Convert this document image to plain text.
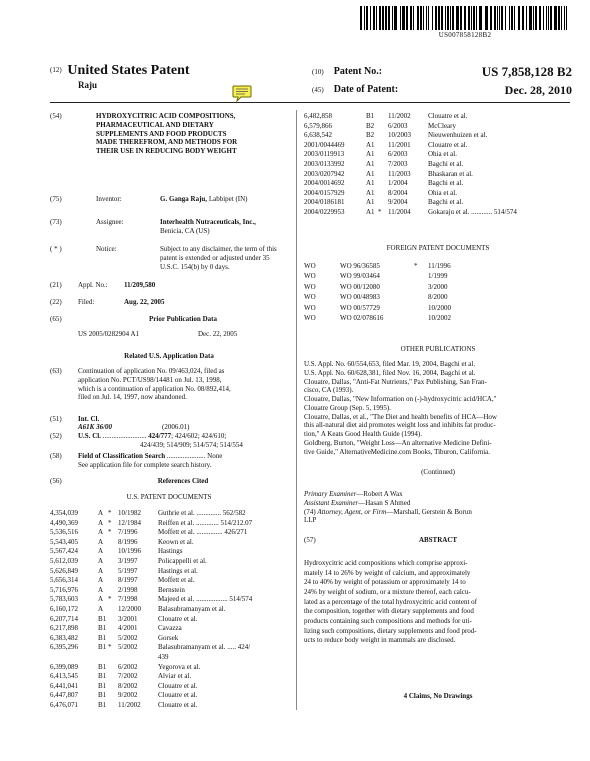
US007858128B2
(12) United States Patent
Raju
(10) Patent No.:	US 7,858,128 B2
(45) Date of Patent:	Dec. 28, 2010
(54)	HYDROXYCITRIC ACID COMPOSITIONS,
PHARMACEUTICAL AND DIETARY
SUPPLEMENTS AND FOOD PRODUCTS
MADE THEREFROM, AND METHODS FOR
THEIR USE IN REDUCING BODY WEIGHT
(75)	Inventor:	G. Ganga Raju, Labbipet (IN)
(73)	Assignee:	Interhealth Nutraceuticals, Inc.,
Benicia, CA (US)
( * )	Notice:	Subject to any disclaimer, the term of this
patent is extended or adjusted under 35
U.S.C. 154(b) by 0 days.
(21)	Appl. No.:	11/209,580
(22)	Filed:	Aug. 22, 2005
(65)	Prior Publication Data
US 2005/0282904 A1	Dec. 22, 2005
Related U.S. Application Data
(63)	Continuation of application No. 09/463,024, filed as
application No. PCT/US98/14481 on Jul. 13, 1998,
which is a continuation of application No. 08/892,414,
filed on Jul. 14, 1997, now abandoned.
(51)	Int. Cl.
A61K 36/00	(2006.01)
(52)	U.S. Cl. ......................... 424/777; 424/602; 424/610;
424/439; 514/909; 514/574; 514/554
(58)	Field of Classification Search ...................... None
See application file for complete search history.
(56)	References Cited
U.S. PATENT DOCUMENTS
4,354,039	A * 10/1982	Guthrie et al. .............. 562/582
4,490,369	A * 12/1984	Reiffen et al. ............. 514/212.07
5,536,516	A * 7/1996	Moffett et al. ............... 426/271
5,543,405	A	8/1996	Keown et al.
5,567,424	A	10/1996	Hastings
5,612,039	A	3/1997	Policappelli et al.
5,626,849	A	5/1997	Hastings et al.
5,656,314	A	8/1997	Moffett et al.
5,716,976	A	2/1998	Bernstein
5,783,603	A * 7/1998	Majeed et al. .................. 514/574
6,160,172	A	12/2000	Balasubramanyam et al.
6,207,714	B1 3/2001	Clouatre et al.
6,217,898	B1 4/2001	Cavazza
6,383,482	B1 5/2002	Gorsek
6,395,296	B1 * 5/2002	Balasubramanyam et al. ..... 424/
439
6,399,089	B1 6/2002	Yegorova et al.
6,413,545	B1 7/2002	Alviar et al.
6,441,041	B1 8/2002	Clouatre et al.
6,447,807	B1 9/2002	Clouatre et al.
6,476,071	B1 11/2002	Clouatre et al.
6,482,858	B1	11/2002	Clouatre et al.
6,579,866	B2	6/2003	McCleary
6,638,542	B2	10/2003	Nieuwenhuizen et al.
2001/0044469	A1	11/2001	Clouatre et al.
2003/0119913	A1	6/2003	Ohia et al.
2003/0133992	A1	7/2003	Bagchi et al.
2003/0207942	A1	11/2003	Bhaskaran et al.
2004/0014692	A1	1/2004	Bagchi et al.
2004/0157929	A1	8/2004	Ohia et al.
2004/0186181	A1	9/2004	Bagchi et al.
2004/0229953	A1 * 11/2004	Gokaraju et al. ............ 514/574
FOREIGN PATENT DOCUMENTS
WO	WO 96/36585	*	11/1996
WO	WO 99/03464	1/1999
WO	WO 00/12080	3/2000
WO	WO 00/48983	8/2000
WO	WO 00/57729	10/2000
WO	WO 02/078616	10/2002
OTHER PUBLICATIONS
U.S. Appl. No. 60/554,653, filed Mar. 19, 2004, Bagchi et al.
U.S. Appl. No. 60/628,381, filed Nov. 16, 2004, Bagchi et al.
Clouatre, Dallas, "Anti-Fat Nutrients," Pax Publishing, San Fran-
cisco, CA (1993).
Clouatre, Dallas, "New Information on (-)-hydroxycitric acid/HCA,"
Clouatre Group (Sep. 5, 1995).
Clouatre, Dallas, et al., "The Diet and health benefits of HCA—How
this all-natural diet aid promotes weight loss and inhibits fat produc-
tion," A Keats Good Health Guide (1994).
Goldberg, Burton, "Weight Loss—An alternative Medicine Defini-
tive Guide," AlternativeMedicine.com Books, Tiburon, California.
(Continued)
Primary Examiner—Robert A Wax
Assistant Examiner—Hasan S Ahmed
(74) Attorney, Agent, or Firm—Marshall, Gerstein & Borun
LLP
(57)	ABSTRACT
Hydroxycitric acid compositions which comprise approxi-
mately 14 to 26% by weight of calcium, and approximately
24 to 40% by weight of potassium or approximately 14 to
24% by weight of sodium, or a mixture thereof, each calcu-
lated as a percentage of the total hydroxycitric acid content of
the composition, together with dietary supplements and food
products containing such compositions and methods for uti-
lizing such compositions, dietary supplements and food prod-
ucts to reduce body weight in mammals are disclosed.
4 Claims, No Drawings
